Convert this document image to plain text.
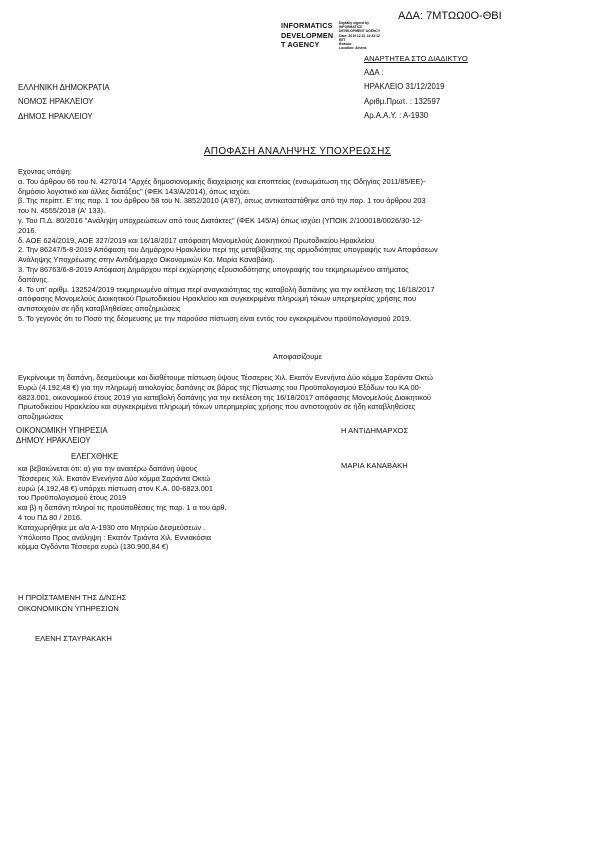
ΑΔΑ: 7ΜΤΩΩ0Ο-ΘΒΙ
INFORMATICS
DEVELOPMEN
T AGENCY
Digitally signed by
INFORMATICS
DEVELOPMENT AGENCY
Date: 2019.12.31 14:33:12
EET
Reason:
Location: Athens
ΑΝΑΡΤΗΤΕΑ ΣΤΟ ΔΙΑΔΙΚΤΥΟ
ΕΛΛΗΝΙΚΗ ΔΗΜΟΚΡΑΤΙΑ
ΝΟΜΟΣ ΗΡΑΚΛΕΙΟΥ
ΔΗΜΟΣ ΗΡΑΚΛΕΙΟΥ
ΑΔΑ :
ΗΡΑΚΛΕΙΟ 31/12/2019
Αριθμ.Πρωτ. : 132597
Αρ.Α.Α.Υ. : Α-1930
ΑΠΟΦΑΣΗ ΑΝΑΛΗΨΗΣ ΥΠΟΧΡΕΩΣΗΣ
Εχοντας υπόψη:
α. Του άρθρου 66 του Ν. 4270/14 "Αρχές δημοσιονομικής διαχείρισης και εποπτείας (ενσωμάτωση της Οδηγίας 2011/85/ΕΕ)-
δημόσιο λογιστικό και άλλες διατάξεις" (ΦΕΚ 143/Α/2014), όπως ισχύει.
β. Της περίπτ. Ε' της παρ. 1 του άρθρου 58 του Ν. 3852/2010 (Α'87), όπως αντικαταστάθηκε από την παρ. 1 του άρθρου 203
του Ν. 4555/2018 (Α' 133).
γ. Του Π.Δ. 80/2016 "Ανάληψη υποχρεώσεων από τους Διατάκτες" (ΦΕΚ 145/Α) όπως ισχύει (ΥΠΟΙΚ 2/100018/0026/30-12-
2016.
δ. ΑΟΕ 624/2019, ΑΟΕ 327/2019 και 16/18/2017 απόφαση Μονομελούς Διοικητικού Πρωτοδικείου Ηρακλείου
2. Την 86247/5-8-2019 Απόφαση του Δημάρχου Ηρακλείου περί της μεταβίβασης της αρμοδιότητας υπογραφής των Αποφάσεων
Ανάληψης Υποχρέωσης στην Αντιδήμαρχο Οικονομικών Κα. Μαρία Καναβάκη.
3. Την 86763/6-8-2019 Απόφαση Δημάρχου περί εκχώρησης εξουσιοδότησης υπογραφής του τεκμηριωμένου αιτήματος
δαπάνης.
4. Το υπ' αριθμ. 132524/2019 τεκμηριωμένο αίτημα περί αναγκαιότητας της καταβολή δαπάνης για την εκτέλεση της 16/18/2017
απόφασης Μονομελούς Διοικητικού Πρωτοδικείου Ηρακλείου και συγκεκριμένα πληρωμή τόκων υπερημερίας χρήσης που
αντιστοιχούν σε ήδη καταβληθείσες αποζημιώσεις
5. Το γεγονός ότι το Ποσό της δέσμευσης με την παρούσα πίστωση είναι εντός του εγκεκριμένου προϋπολογισμού 2019.
Αποφασίζουμε
Εγκρίνουμε τη δαπάνη, δεσμεύουμε και διαθέτουμε πίστωση ύψους Τέσσερεις Χιλ. Εκατόν Ενενήντα Δύο κόμμα Σαράντα Οκτώ
Ευρώ (4.192,48 €) για την πληρωμή αιτιολογίας δαπάνης σε βάρος της Πίστωσης του Προϋπολογισμού Εξόδων του ΚΑ 00-
6823.001, οικονομικού έτους 2019 για καταβολή δαπάνης για την εκτέλεση της 16/18/2017 απόφασης Μονομελούς Διοικητικού
Πρωτοδικείου Ηρακλείου και συγκεκριμένα πληρωμή τόκων υπερημερίας χρήσης που αντιστοιχούν σε ήδη καταβληθείσες
αποζημιώσεις
ΟΙΚΟΝΟΜΙΚΗ ΥΠΗΡΕΣΙΑ
ΔΗΜΟΥ ΗΡΑΚΛΕΙΟΥ
Η ΑΝΤΙΔΗΜΑΡΧΟΣ
ΕΛΕΓΧΘΗΚΕ
ΜΑΡΙΑ ΚΑΝΑΒΑΚΗ
και βεβαιώνεται ότι: α) για την αναιτέρω δαπάνη ύψους
Τέσσερεις Χιλ. Εκατόν Ενενήντα Δύο κόμμα Σαράντα Οκτώ
ευρώ (4.192,48 €) υπάρχει πίστωση στον Κ.Α. 00-6823.001
του Προϋπολογισμού έτους 2019
και β) η δαπάνη πληροί τις προϋποθέσεις της παρ. 1 α του άρθ.
4 του ΠΔ 80 / 2016.
Καταχωρήθηκε με α/α Α-1930 στο Μητρώο Δεσμεύσεων .
Υπόλοιπο Προς ανάληψη : Εκατόν Τριάντα Χιλ. Εννιακόσια
κόμμα Ογδόντα Τέσσερα ευρώ (130.900,84 €)
Η ΠΡΟΪΣΤΑΜΕΝΗ ΤΗΣ Δ/ΝΣΗΣ
ΟΙΚΟΝΟΜΙΚΩΝ ΥΠΗΡΕΣΙΩΝ
ΕΛΕΝΗ ΣΤΑΥΡΑΚΑΚΗ
